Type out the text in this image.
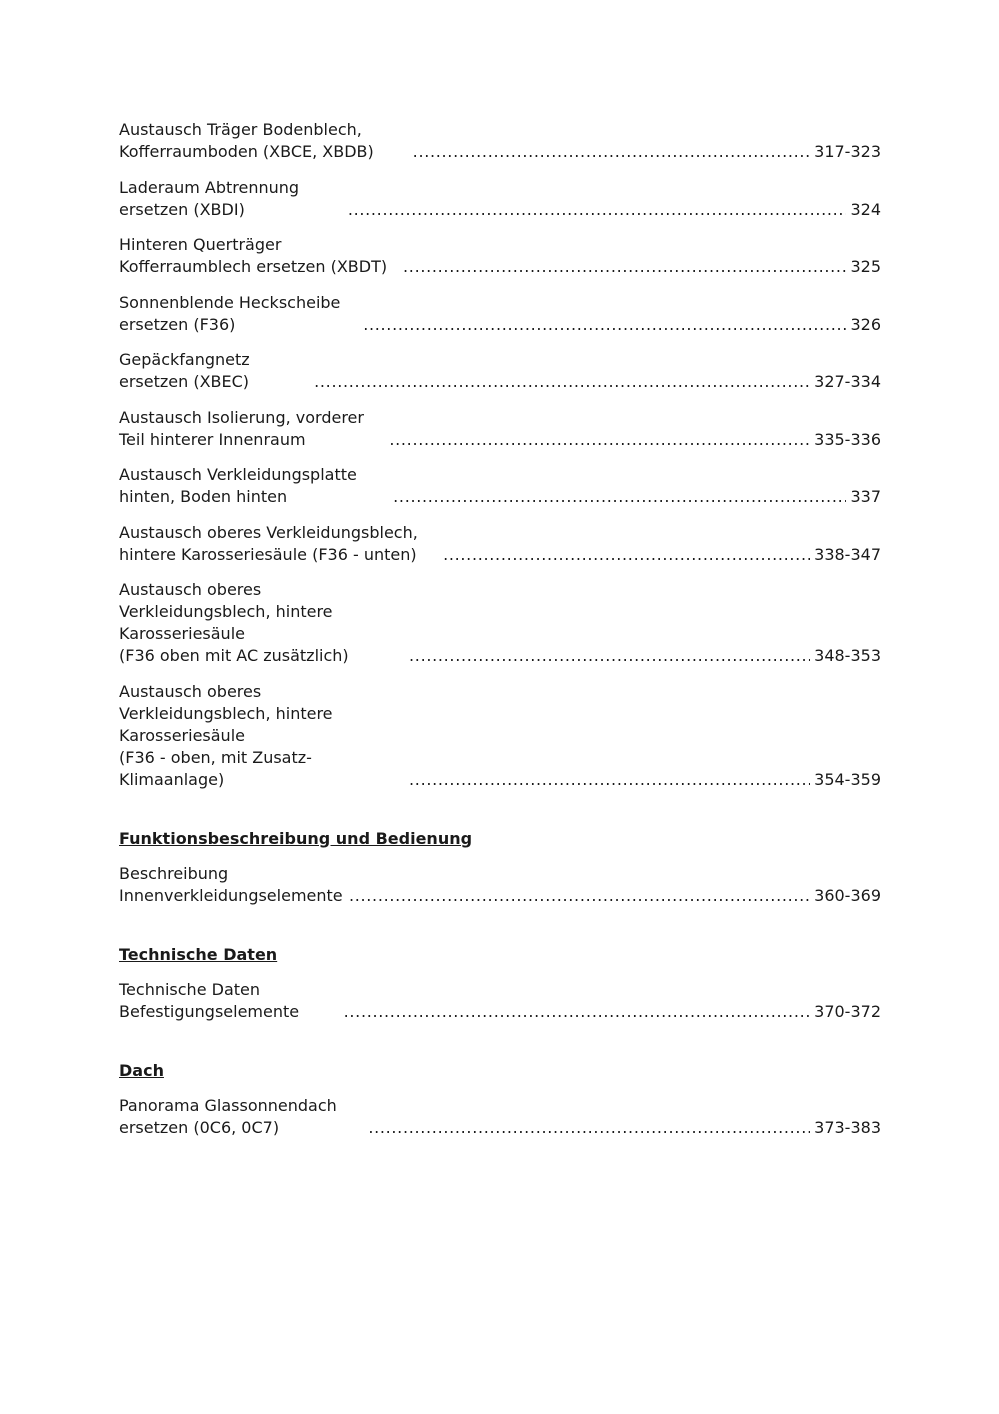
Austausch Träger Bodenblech, Kofferraumboden (XBCE, XBDB) . . .	317-323
Laderaum Abtrennung ersetzen (XBDI) . . .	324
Hinteren Querträger Kofferraumblech ersetzen (XBDT) . . .	325
Sonnenblende Heckscheibe ersetzen (F36) . . .	326
Gepäckfangnetz ersetzen (XBEC) . . .	327-334
Austausch Isolierung, vorderer Teil hinterer Innenraum . . .	335-336
Austausch Verkleidungsplatte hinten, Boden hinten . . .	337
Austausch oberes Verkleidungsblech, hintere Karosseriesäule (F36 - unten) . . .	338-347
Austausch oberes Verkleidungsblech, hintere Karosseriesäule
(F36 oben mit AC zusätzlich) . . .	348-353
Austausch oberes Verkleidungsblech, hintere Karosseriesäule
(F36 - oben, mit Zusatz-Klimaanlage) . . .	354-359
Funktionsbeschreibung und Bedienung
Beschreibung Innenverkleidungselemente . . .	360-369
Technische Daten
Technische Daten Befestigungselemente . . .	370-372
Dach
Panorama Glassonnendach ersetzen (0C6, 0C7) . . .	373-383
